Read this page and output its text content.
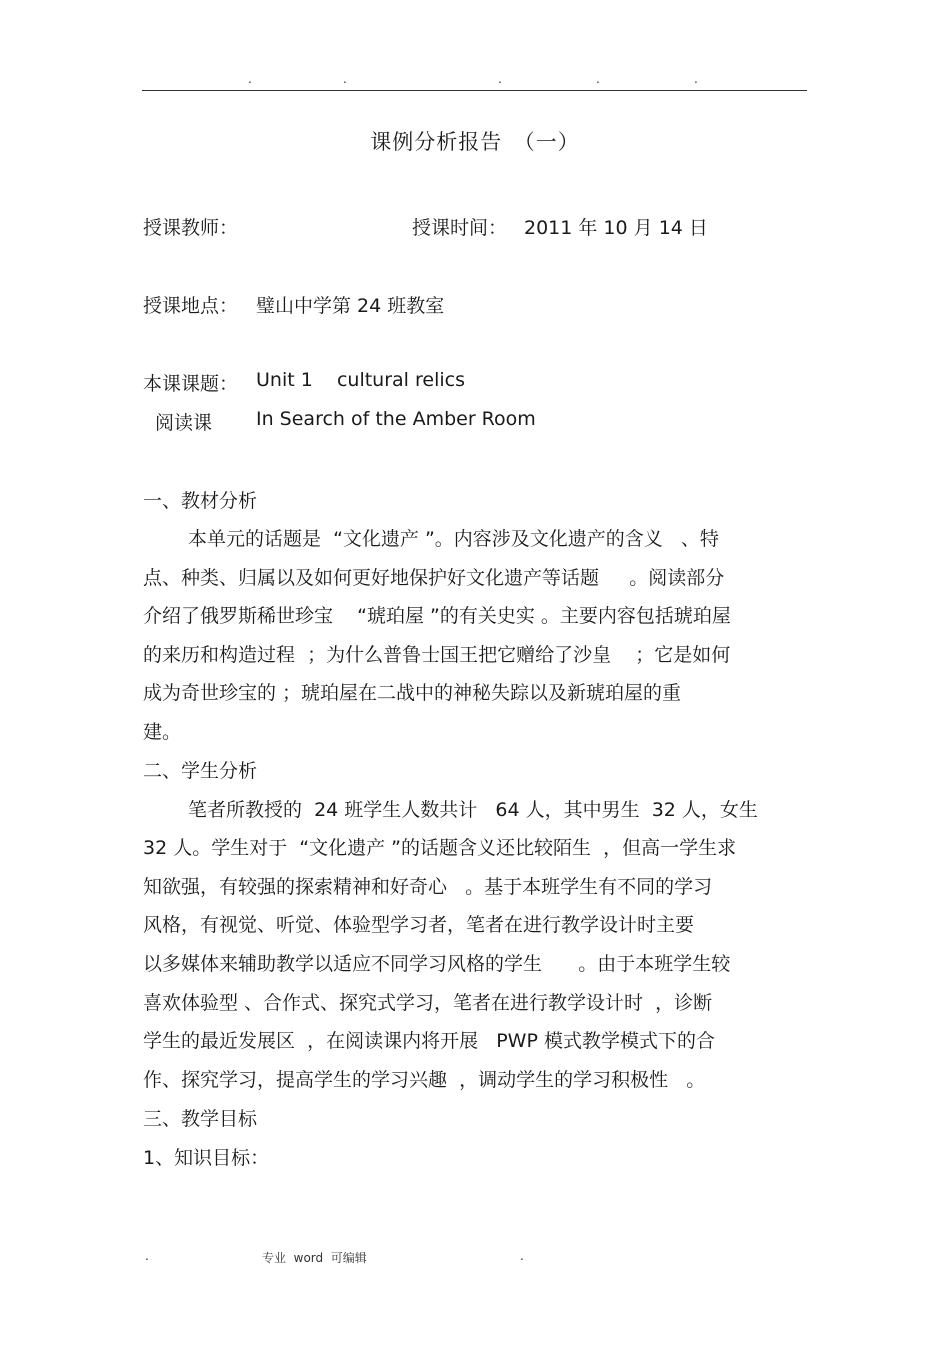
.	.	.	.	.
课例分析报告　（一）
授课教师：	授课时间： 2011 年 10 月 14 日
授课地点： 璧山中学第 24 班教室
本课课题： Unit 1    cultural relics
阅读课 In Search of the Amber Room
一、教材分析
本单元的话题是  “文化遗产 ”。内容涉及文化遗产的含义   、特
点、种类、归属以及如何更好地保护好文化遗产等话题     。阅读部分
介绍了俄罗斯稀世珍宝    “琥珀屋 ”的有关史实 。主要内容包括琥珀屋
的来历和构造过程  ；为什么普鲁士国王把它赠给了沙皇    ；它是如何
成为奇世珍宝的 ；琥珀屋在二战中的神秘失踪以及新琥珀屋的重
建。
二、学生分析
笔者所教授的  24 班学生人数共计   64 人，其中男生  32 人，女生
32 人。学生对于  “文化遗产 ”的话题含义还比较陌生  ，但高一学生求
知欲强，有较强的探索精神和好奇心   。基于本班学生有不同的学习
风格，有视觉、听觉、体验型学习者，笔者在进行教学设计时主要
以多媒体来辅助教学以适应不同学习风格的学生      。由于本班学生较
喜欢体验型 、合作式、探究式学习，笔者在进行教学设计时  ，诊断
学生的最近发展区  ，在阅读课内将开展   PWP 模式教学模式下的合
作、探究学习，提高学生的学习兴趣  ，调动学生的学习积极性   。
三、教学目标
1、知识目标：
.	专业  word  可编辑	.
